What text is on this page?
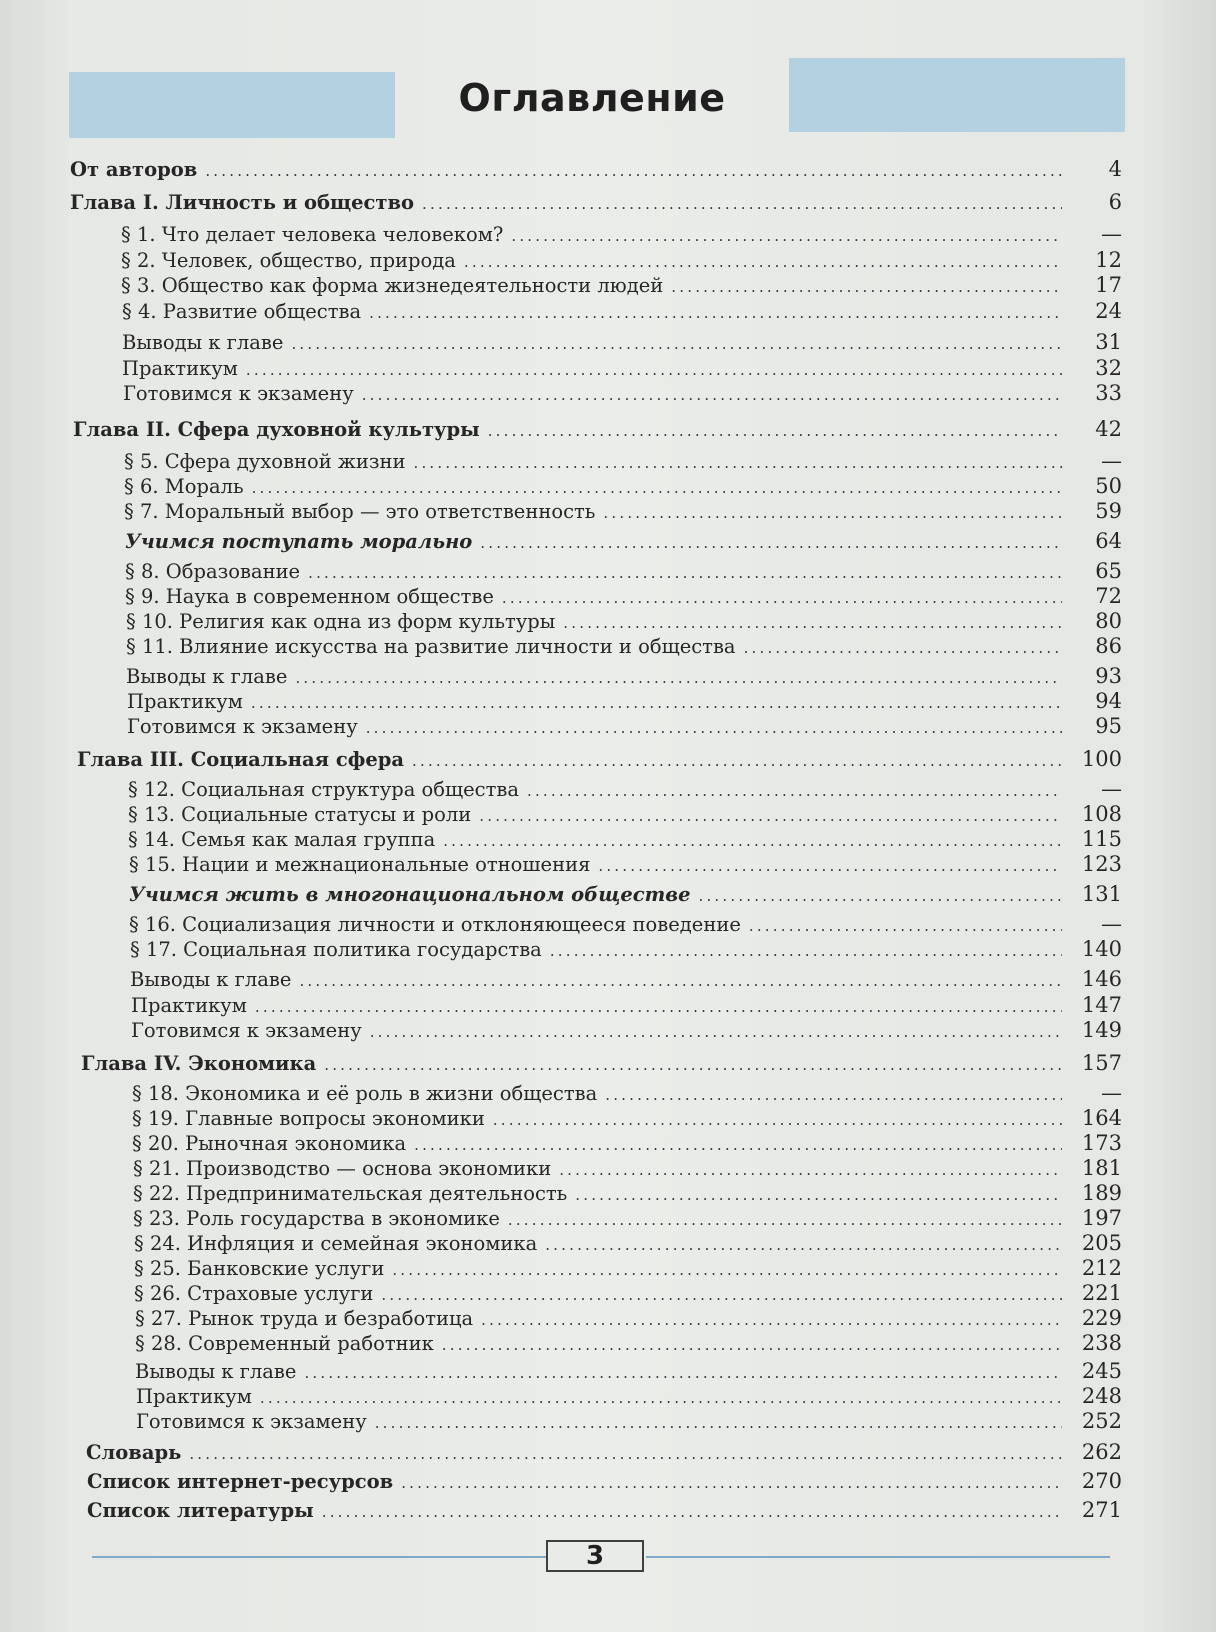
Оглавление
От авторов .....	4
Глава I. Личность и общество .....	6
§ 1. Что делает человека человеком? .....	—
§ 2. Человек, общество, природа .....	12
§ 3. Общество как форма жизнедеятельности людей .....	17
§ 4. Развитие общества .....	24
Выводы к главе .....	31
Практикум .....	32
Готовимся к экзамену .....	33
Глава II. Сфера духовной культуры .....	42
§ 5. Сфера духовной жизни .....	—
§ 6. Мораль .....	50
§ 7. Моральный выбор — это ответственность .....	59
Учимся поступать морально .....	64
§ 8. Образование .....	65
§ 9. Наука в современном обществе .....	72
§ 10. Религия как одна из форм культуры .....	80
§ 11. Влияние искусства на развитие личности и общества .....	86
Выводы к главе .....	93
Практикум .....	94
Готовимся к экзамену .....	95
Глава III. Социальная сфера .....	100
§ 12. Социальная структура общества .....	—
§ 13. Социальные статусы и роли .....	108
§ 14. Семья как малая группа .....	115
§ 15. Нации и межнациональные отношения .....	123
Учимся жить в многонациональном обществе .....	131
§ 16. Социализация личности и отклоняющееся поведение .....	—
§ 17. Социальная политика государства .....	140
Выводы к главе .....	146
Практикум .....	147
Готовимся к экзамену .....	149
Глава IV. Экономика .....	157
§ 18. Экономика и её роль в жизни общества .....	—
§ 19. Главные вопросы экономики .....	164
§ 20. Рыночная экономика .....	173
§ 21. Производство — основа экономики .....	181
§ 22. Предпринимательская деятельность .....	189
§ 23. Роль государства в экономике .....	197
§ 24. Инфляция и семейная экономика .....	205
§ 25. Банковские услуги .....	212
§ 26. Страховые услуги .....	221
§ 27. Рынок труда и безработица .....	229
§ 28. Современный работник .....	238
Выводы к главе .....	245
Практикум .....	248
Готовимся к экзамену .....	252
Словарь .....	262
Список интернет-ресурсов .....	270
Список литературы .....	271
3
